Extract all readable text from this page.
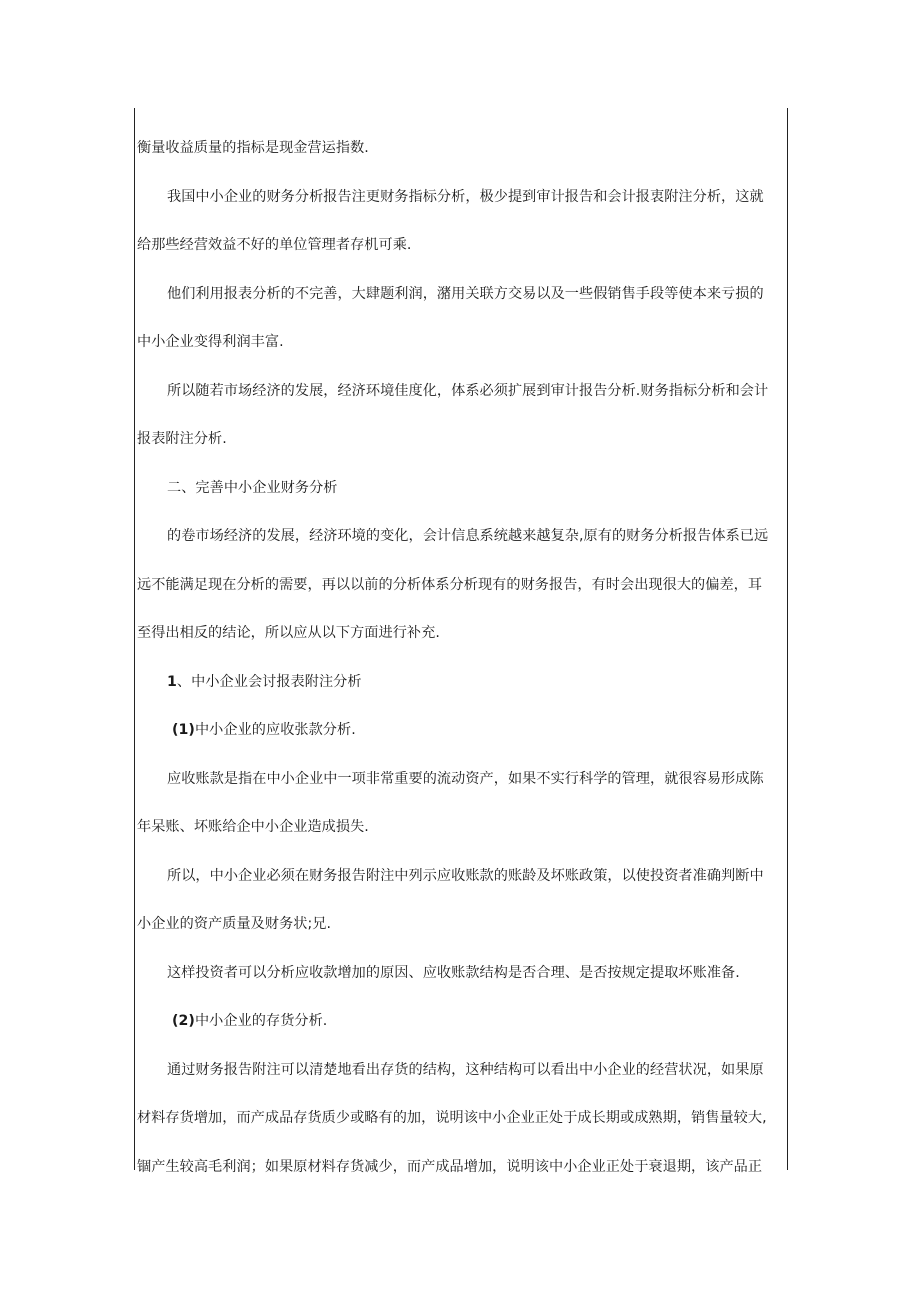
衡量收益质量的指标是现金营运指数.

我国中小企业的财务分析报告注更财务指标分析，极少提到审计报告和会计报衷附注分析，这就

给那些经营效益不好的单位管理者存机可乘.

他们利用报表分析的不完善，大肆题利润，潴用关联方交易以及一些假销售手段等使本来亏损的

中小企业变得利润丰富.

所以随若市场经济的发展，经济环境佳度化，体系必须扩展到审计报告分析.财务指标分析和会计

报表附注分析.

二、完善中小企业财务分析

的卷市场经济的发展，经济环境的变化，会计信息系统越来越复杂,原有的财务分析报告体系已远

远不能满足现在分析的需要，再以以前的分析体系分析现有的财务报告，有时会出现很大的偏差，耳

至得出相反的结论，所以应从以下方面进行补充.

1、中小企业会讨报表附注分析

(1)中小企业的应收张款分析.

应收账款是指在中小企业中一项非常重要的流动资产，如果不实行科学的管理，就很容易形成陈

年呆账、坏账给企中小企业造成损失.

所以，中小企业必须在财务报告附注中列示应收账款的账龄及坏账政策，以使投资者准确判断中

小企业的资产质量及财务状;兄.

这样投资者可以分析应收款增加的原因、应收账款结构是否合理、是否按规定提取坏账准备.

(2)中小企业的存货分析.

通过财务报告附注可以清楚地看出存货的结构，这种结构可以看出中小企业的经营状况，如果原

材料存货增加，而产成品存货质少或略有的加，说明该中小企业正处于成长期或成熟期，销售量较大,

锢产生较高毛利润；如果原材料存货减少，而产成品增加，说明该中小企业正处于衰退期，该产品正
